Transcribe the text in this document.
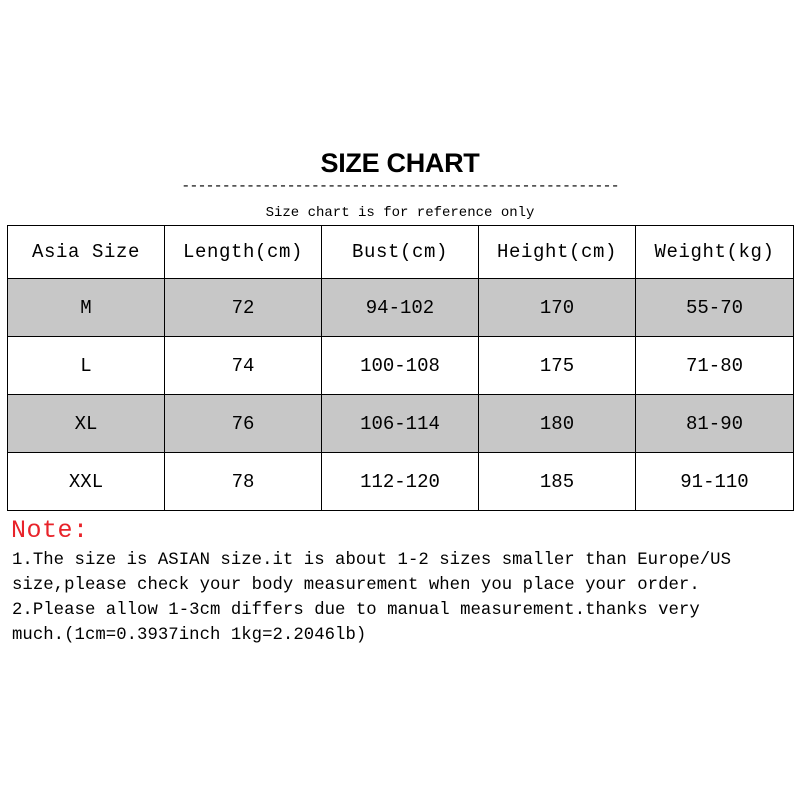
SIZE CHART
------------------------------------------------------
Size chart is for reference only
Asia Size	Length(cm)	Bust(cm)	Height(cm)	Weight(kg)
M	72	94-102	170	55-70
L	74	100-108	175	71-80
XL	76	106-114	180	81-90
XXL	78	112-120	185	91-110
Note:
1.The size is ASIAN size.it is about 1-2 sizes smaller than Europe/US
size,please check your body measurement when you place your order.
2.Please allow 1-3cm differs due to manual measurement.thanks very
much.(1cm=0.3937inch 1kg=2.2046lb)
